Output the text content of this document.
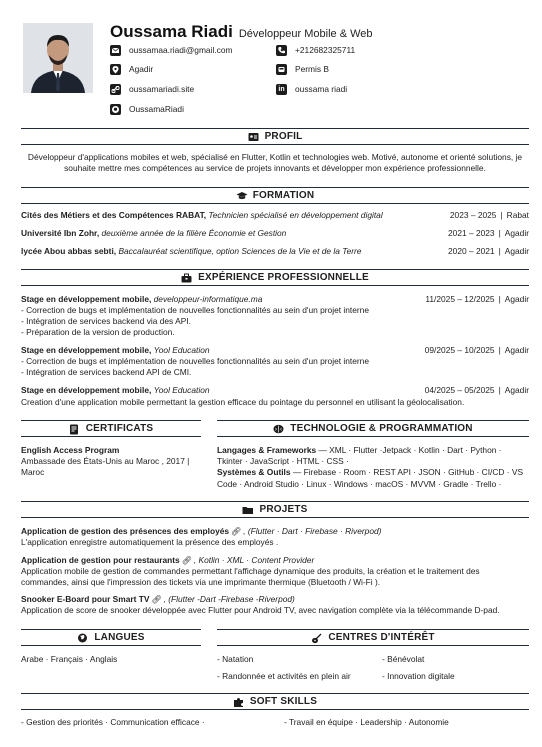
Oussama Riadi Développeur Mobile & Web
oussamaa.riadi@gmail.com	+212682325711
Agadir	Permis B
oussamariadi.site	in oussama riadi
OussamaRiadi
PROFIL
Développeur d'applications mobiles et web, spécialisé en Flutter, Kotlin et technologies web. Motivé, autonome et orienté solutions, je souhaite mettre mes compétences au service de projets innovants et développer mon expérience professionnelle.
FORMATION
Cités des Métiers et des Compétences RABAT, Technicien spécialisé en développement digital	2023 – 2025 | Rabat
Université Ibn Zohr, deuxième année de la filière Économie et Gestion	2021 – 2023 | Agadir
lycée Abou abbas sebti, Baccalauréat scientifique, option Sciences de la Vie et de la Terre	2020 – 2021 | Agadir
EXPÉRIENCE PROFESSIONNELLE
Stage en développement mobile, developpeur-informatique.ma	11/2025 – 12/2025 | Agadir
- Correction de bugs et implémentation de nouvelles fonctionnalités au sein d'un projet interne
- Intégration de services backend via des API.
- Préparation de la version de production.
Stage en développement mobile, Yool Education	09/2025 – 10/2025 | Agadir
- Correction de bugs et implémentation de nouvelles fonctionnalités au sein d'un projet interne
- Intégration de services backend API de CMI.
Stage en développement mobile, Yool Education	04/2025 – 05/2025 | Agadir
Creation d'une application mobile permettant la gestion efficace du pointage du personnel en utilisant la géolocalisation.
CERTIFICATS
English Access Program
Ambassade des États-Unis au Maroc , 2017 |
Maroc
TECHNOLOGIE & PROGRAMMATION
Langages & Frameworks — XML · Flutter ·Jetpack · Kotlin · Dart · Python ·
Tkinter · JavaScript · HTML · CSS ·
Systèmes & Outils — Firebase · Room · REST API · JSON · GitHub · CI/CD · VS
Code · Android Studio · Linux · Windows · macOS · MVVM · Gradle · Trello ·
PROJETS
Application de gestion des présences des employés 🔗︎ , (Flutter · Dart · Firebase · Riverpod)
L'application enregistre automatiquement la présence des employés .
Application de gestion pour restaurants 🔗︎ , Kotlin · XML · Content Provider
Application mobile de gestion de commandes permettant l'affichage dynamique des produits, la création et le traitement des
commandes, ainsi que l'impression des tickets via une imprimante thermique (Bluetooth / Wi-Fi ).
Snooker E-Board pour Smart TV 🔗︎ , (Flutter -Dart -Firebase -Riverpod)
Application de score de snooker développée avec Flutter pour Android TV, avec navigation complète via la télécommande D-pad.
LANGUES
Arabe · Français · Anglais
CENTRES D'INTÉRÊT
- Natation	- Bénévolat
- Randonnée et activités en plein air	- Innovation digitale
SOFT SKILLS
- Gestion des priorités · Communication efficace ·	- Travail en équipe · Leadership · Autonomie
